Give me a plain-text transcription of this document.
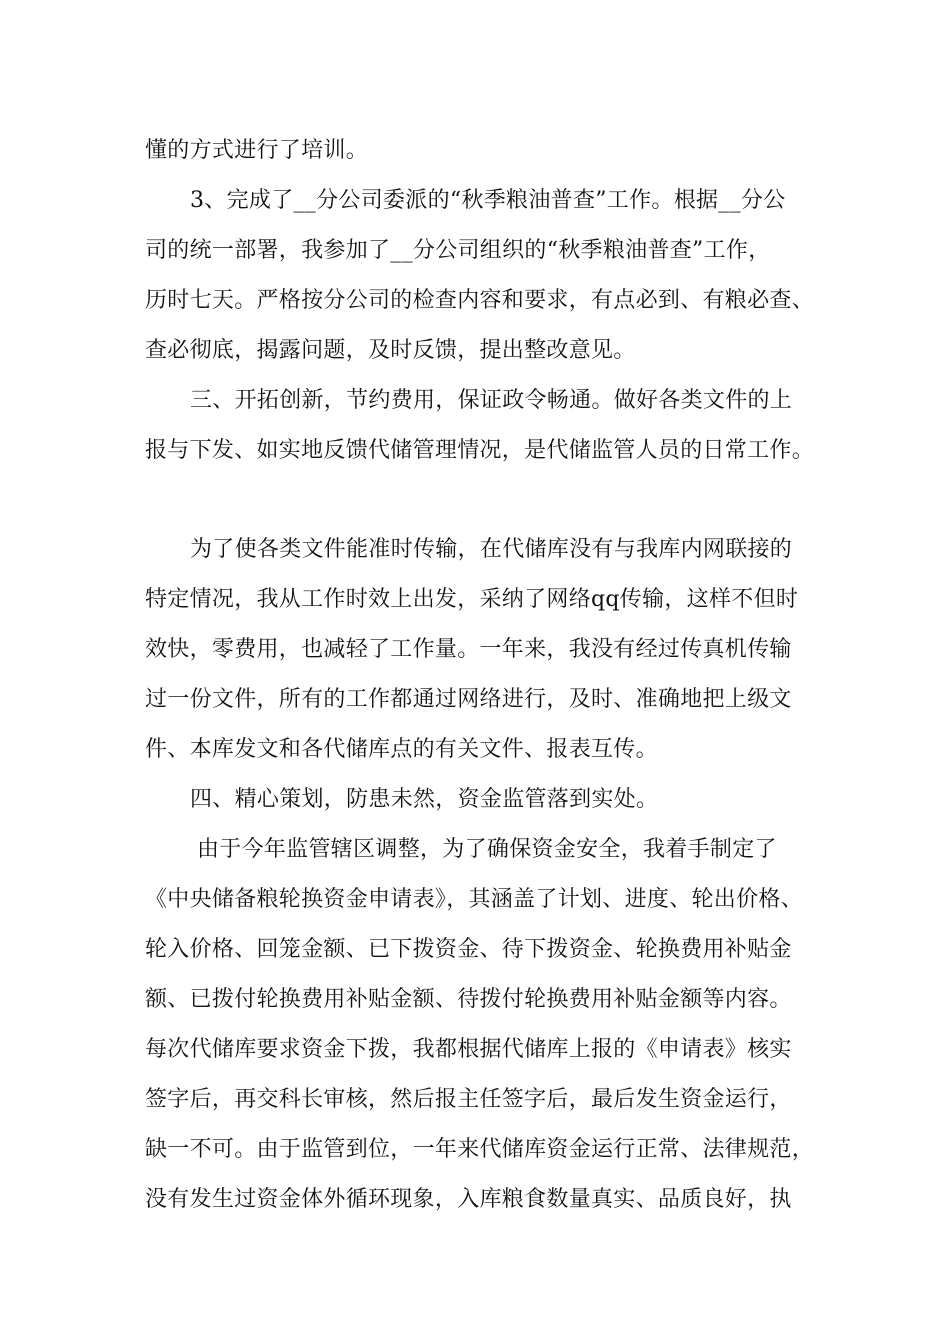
懂的方式进行了培训。
3、完成了__分公司委派的“秋季粮油普查”工作。根据__分公
司的统一部署，我参加了__分公司组织的“秋季粮油普查”工作，
历时七天。严格按分公司的检查内容和要求，有点必到、有粮必查、
查必彻底，揭露问题，及时反馈，提出整改意见。
三、开拓创新，节约费用，保证政令畅通。做好各类文件的上
报与下发、如实地反馈代储管理情况，是代储监管人员的日常工作。
为了使各类文件能准时传输，在代储库没有与我库内网联接的
特定情况，我从工作时效上出发，采纳了网络qq传输，这样不但时
效快，零费用，也减轻了工作量。一年来，我没有经过传真机传输
过一份文件，所有的工作都通过网络进行，及时、准确地把上级文
件、本库发文和各代储库点的有关文件、报表互传。
四、精心策划，防患未然，资金监管落到实处。
由于今年监管辖区调整，为了确保资金安全，我着手制定了
《中央储备粮轮换资金申请表》，其涵盖了计划、进度、轮出价格、
轮入价格、回笼金额、已下拨资金、待下拨资金、轮换费用补贴金
额、已拨付轮换费用补贴金额、待拨付轮换费用补贴金额等内容。
每次代储库要求资金下拨，我都根据代储库上报的《申请表》核实
签字后，再交科长审核，然后报主任签字后，最后发生资金运行，
缺一不可。由于监管到位，一年来代储库资金运行正常、法律规范，
没有发生过资金体外循环现象，入库粮食数量真实、品质良好，执
